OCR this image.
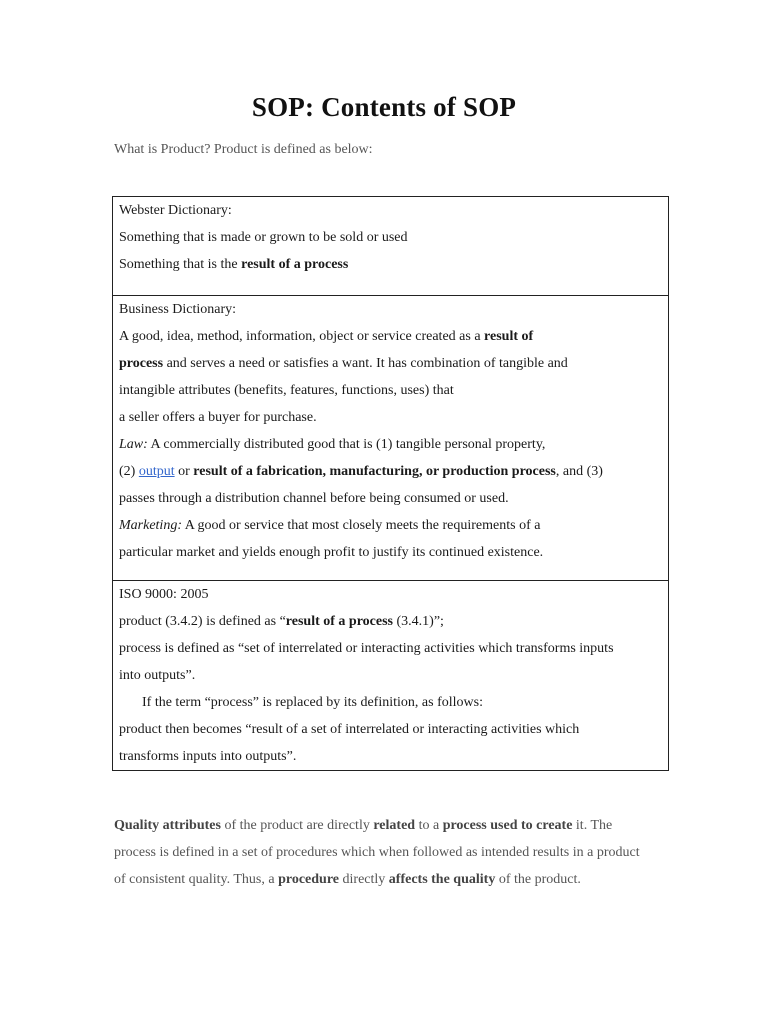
SOP: Contents of SOP
What is Product? Product is defined as below:
Webster Dictionary:
Something that is made or grown to be sold or used
Something that is the result of a process

Business Dictionary:
A good, idea, method, information, object or service created as a result of
process and serves a need or satisfies a want. It has combination of tangible and
intangible attributes (benefits, features, functions, uses) that
a seller offers a buyer for purchase.
Law: A commercially distributed good that is (1) tangible personal property,
(2) output or result of a fabrication, manufacturing, or production process, and (3)
passes through a distribution channel before being consumed or used.
Marketing: A good or service that most closely meets the requirements of a
particular market and yields enough profit to justify its continued existence.

ISO 9000: 2005
product (3.4.2) is defined as “result of a process (3.4.1)”;
process is defined as “set of interrelated or interacting activities which transforms inputs
into outputs”.
If the term “process” is replaced by its definition, as follows:
product then becomes “result of a set of interrelated or interacting activities which
transforms inputs into outputs”.
Quality attributes of the product are directly related to a process used to create it. The process is defined in a set of procedures which when followed as intended results in a product of consistent quality. Thus, a procedure directly affects the quality of the product.
